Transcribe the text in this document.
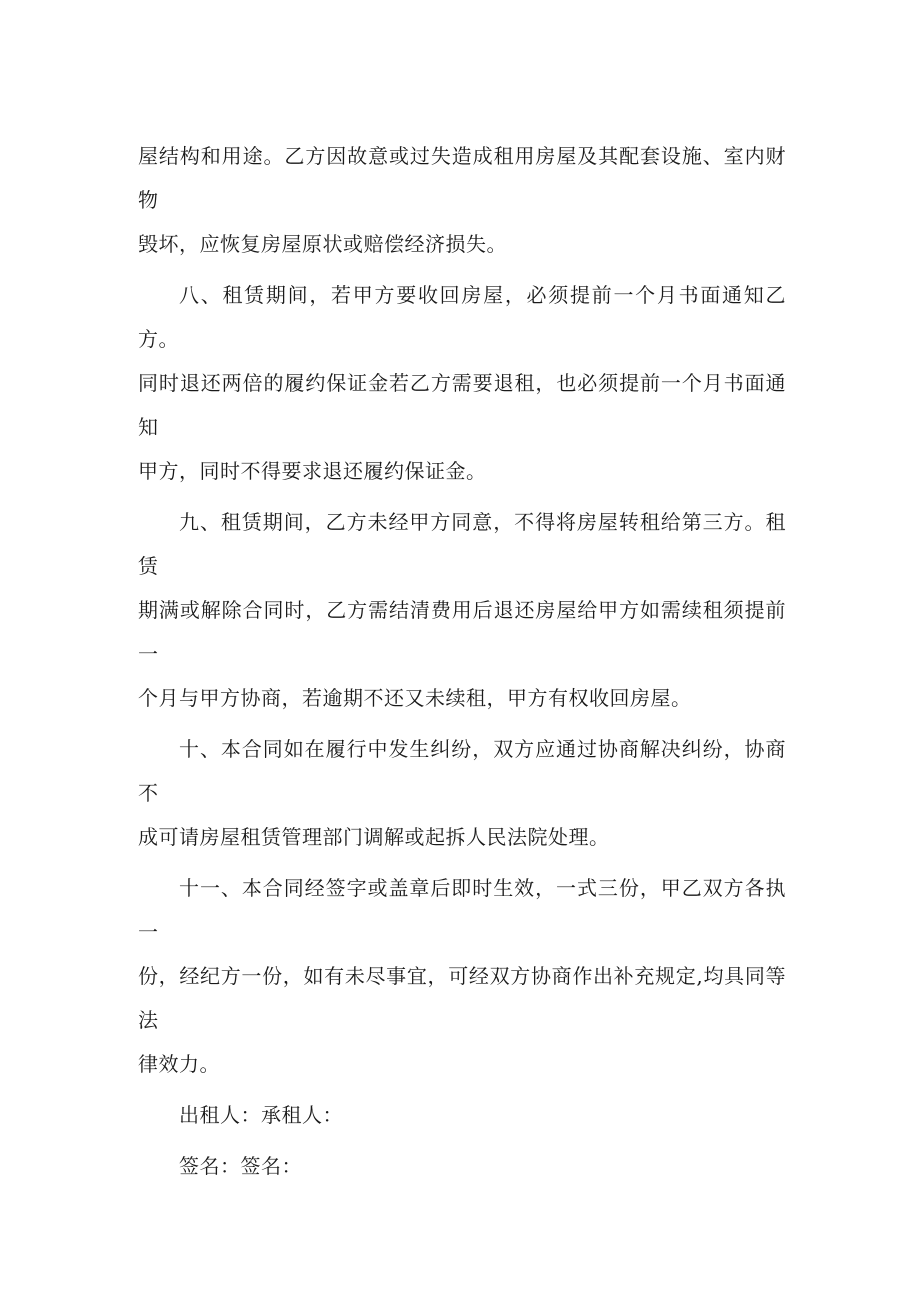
屋结构和用途。乙方因故意或过失造成租用房屋及其配套设施、室内财物
毁坏，应恢复房屋原状或赔偿经济损失。

八、租赁期间，若甲方要收回房屋，必须提前一个月书面通知乙方。
同时退还两倍的履约保证金若乙方需要退租，也必须提前一个月书面通知
甲方，同时不得要求退还履约保证金。

九、租赁期间，乙方未经甲方同意，不得将房屋转租给第三方。租赁
期满或解除合同时，乙方需结清费用后退还房屋给甲方如需续租须提前一
个月与甲方协商，若逾期不还又未续租，甲方有权收回房屋。

十、本合同如在履行中发生纠纷，双方应通过协商解决纠纷，协商不
成可请房屋租赁管理部门调解或起拆人民法院处理。

十一、本合同经签字或盖章后即时生效，一式三份，甲乙双方各执一
份，经纪方一份，如有未尽事宜，可经双方协商作出补充规定,均具同等法
律效力。

出租人：承租人：

签名：签名：
